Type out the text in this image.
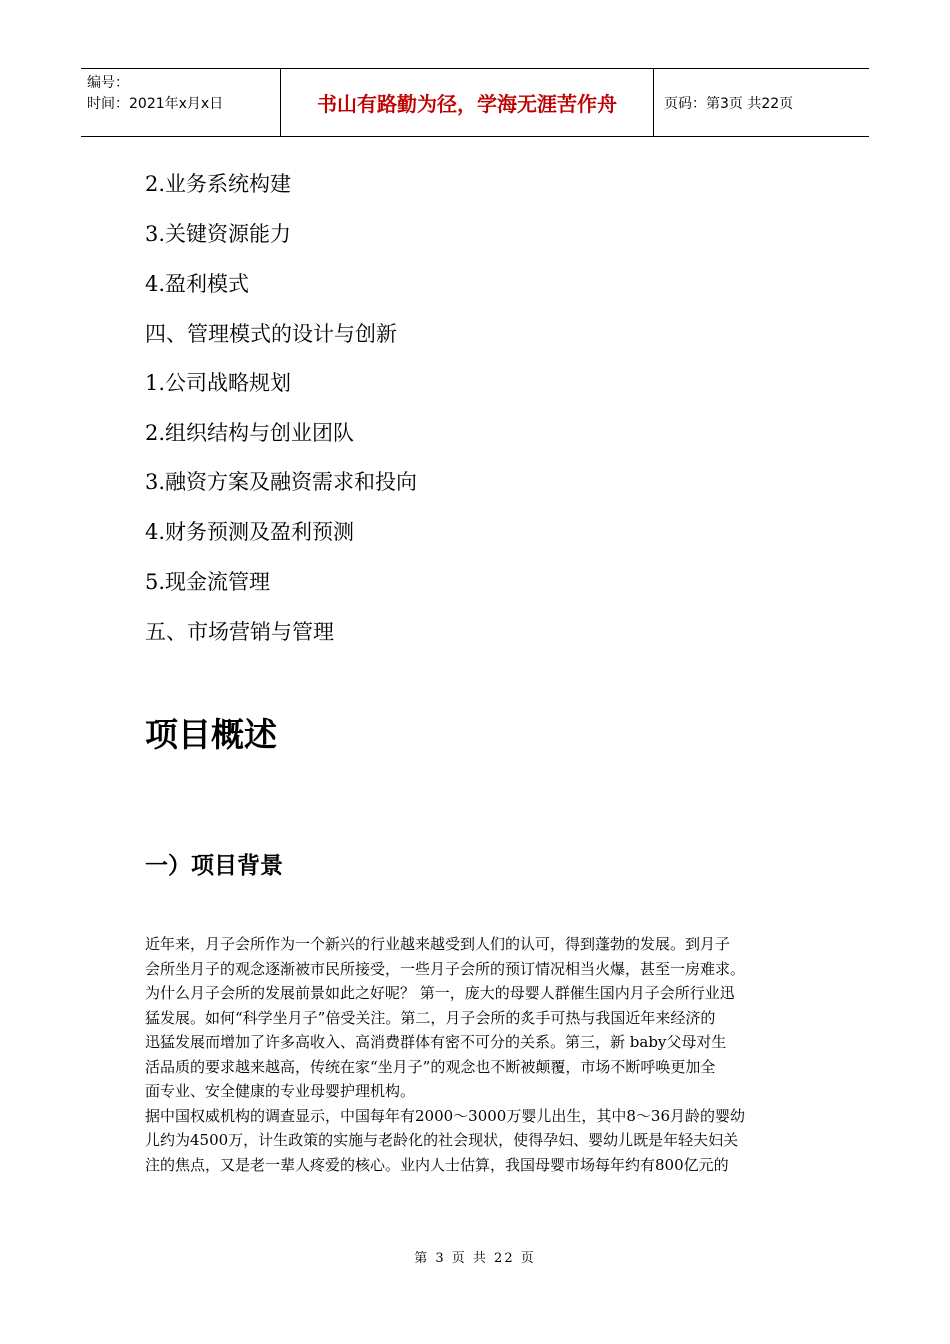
编号：
时间：2021年x月x日	书山有路勤为径，学海无涯苦作舟	页码：第3页 共22页
2.业务系统构建
3.关键资源能力
4.盈利模式
四、管理模式的设计与创新
1.公司战略规划
2.组织结构与创业团队
3.融资方案及融资需求和投向
4.财务预测及盈利预测
5.现金流管理
五、市场营销与管理
项目概述
一）项目背景

近年来，月子会所作为一个新兴的行业越来越受到人们的认可，得到蓬勃的发展。到月子

会所坐月子的观念逐渐被市民所接受，一些月子会所的预订情况相当火爆，甚至一房难求。

为什么月子会所的发展前景如此之好呢？ 第一，庞大的母婴人群催生国内月子会所行业迅

猛发展。如何“科学坐月子”倍受关注。第二，月子会所的炙手可热与我国近年来经济的

迅猛发展而增加了许多高收入、高消费群体有密不可分的关系。第三，新 baby父母对生

活品质的要求越来越高，传统在家“坐月子”的观念也不断被颠覆，市场不断呼唤更加全

面专业、安全健康的专业母婴护理机构。

据中国权威机构的调查显示，中国每年有2000～3000万婴儿出生，其中8～36月龄的婴幼

儿约为4500万，计生政策的实施与老龄化的社会现状，使得孕妇、婴幼儿既是年轻夫妇关

注的焦点，又是老一辈人疼爱的核心。业内人士估算，我国母婴市场每年约有800亿元的

第 3 页 共 22 页
